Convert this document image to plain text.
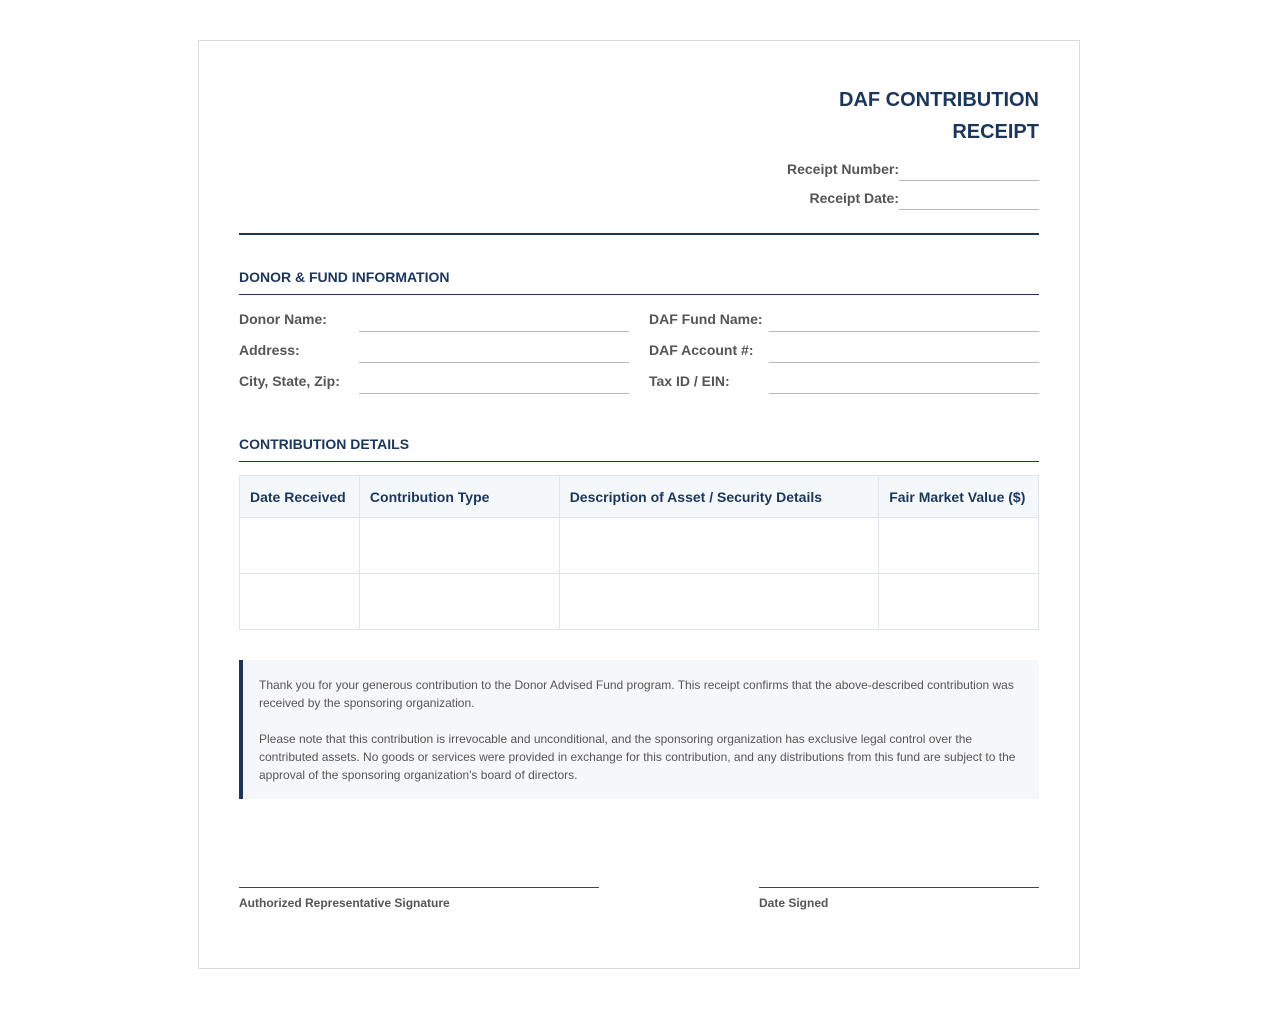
DAF CONTRIBUTION
RECEIPT
Receipt Number:
Receipt Date:
DONOR & FUND INFORMATION
Donor Name:
Address:
City, State, Zip:
DAF Fund Name:
DAF Account #:
Tax ID / EIN:
CONTRIBUTION DETAILS
Date Received	Contribution Type	Description of Asset / Security Details	Fair Market Value ($)

Thank you for your generous contribution to the Donor Advised Fund program. This receipt confirms that the above-described contribution was received by the sponsoring organization.

Please note that this contribution is irrevocable and unconditional, and the sponsoring organization has exclusive legal control over the contributed assets. No goods or services were provided in exchange for this contribution, and any distributions from this fund are subject to the approval of the sponsoring organization's board of directors.

Authorized Representative Signature	Date Signed
